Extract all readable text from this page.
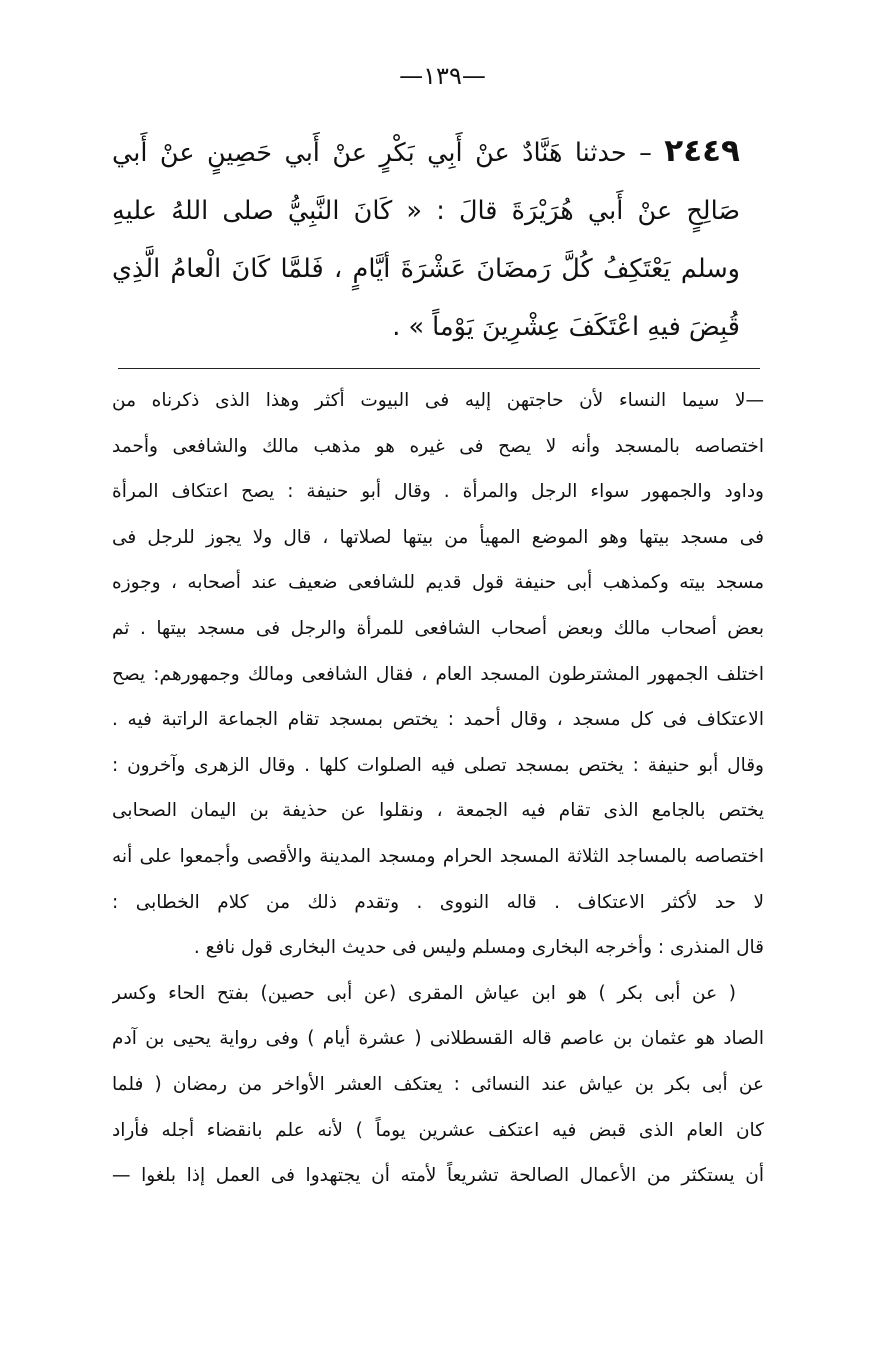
—١٣٩—
٢٤٤٩ – حدثنا هَنَّادٌ عنْ أَبِي بَكْرٍ عنْ أَبي حَصِينٍ عنْ أَبي صَالِحٍ عنْ أَبي هُرَيْرَةَ قالَ : « كَانَ النَّبِيُّ صلى اللهُ عليهِ وسلم يَعْتَكِفُ كُلَّ رَمضَانَ عَشْرَةَ أيَّامٍ ، فَلمَّا كَانَ الْعامُ الَّذِي قُبِضَ فيهِ اعْتَكَفَ عِشْرِينَ يَوْماً » .
—لا سيما النساء لأن حاجتهن إليه فى البيوت أكثر وهذا الذى ذكرناه من
اختصاصه بالمسجد وأنه لا يصح فى غيره هو مذهب مالك والشافعى وأحمد
وداود والجمهور سواء الرجل والمرأة . وقال أبو حنيفة : يصح اعتكاف المرأة
فى مسجد بيتها وهو الموضع المهيأ من بيتها لصلاتها ، قال ولا يجوز للرجل فى
مسجد بيته وكمذهب أبى حنيفة قول قديم للشافعى ضعيف عند أصحابه ، وجوزه
بعض أصحاب مالك وبعض أصحاب الشافعى للمرأة والرجل فى مسجد بيتها . ثم
اختلف الجمهور المشترطون المسجد العام ، فقال الشافعى ومالك وجمهورهم: يصح
الاعتكاف فى كل مسجد ، وقال أحمد : يختص بمسجد تقام الجماعة الراتبة فيه .
وقال أبو حنيفة : يختص بمسجد تصلى فيه الصلوات كلها . وقال الزهرى وآخرون :
يختص بالجامع الذى تقام فيه الجمعة ، ونقلوا عن حذيفة بن اليمان الصحابى
اختصاصه بالمساجد الثلاثة المسجد الحرام ومسجد المدينة والأقصى وأجمعوا على أنه
لا حد لأكثر الاعتكاف . قاله النووى . وتقدم ذلك من كلام الخطابى :
قال المنذرى : وأخرجه البخارى ومسلم وليس فى حديث البخارى قول نافع .
( عن أبى بكر ) هو ابن عياش المقرى (عن أبى حصين) بفتح الحاء وكسر
الصاد هو عثمان بن عاصم قاله القسطلانى ( عشرة أيام ) وفى رواية يحيى بن آدم
عن أبى بكر بن عياش عند النسائى : يعتكف العشر الأواخر من رمضان ( فلما
كان العام الذى قبض فيه اعتكف عشرين يوماً ) لأنه علم بانقضاء أجله فأراد
أن يستكثر من الأعمال الصالحة تشريعاً لأمته أن يجتهدوا فى العمل إذا بلغوا —
